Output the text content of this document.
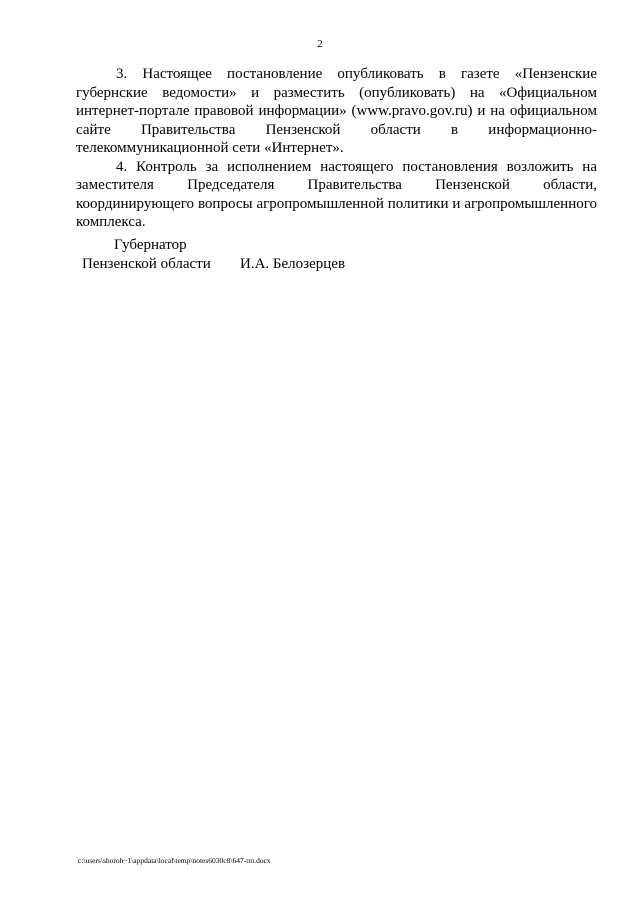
2

3. Настоящее постановление опубликовать в газете «Пензенские губернские ведомости» и разместить (опубликовать) на «Официальном интернет-портале правовой информации» (www.pravo.gov.ru) и на официальном сайте Правительства Пензенской области в информационно-телекоммуникационной сети «Интернет».

4. Контроль за исполнением настоящего постановления возложить на заместителя Председателя Правительства Пензенской области, координирующего вопросы агропромышленной политики и агропромышленного комплекса.

Губернатор
Пензенской области И.А. Белозерцев
c:\users\shoroh~1\appdata\local\temp\notes6030c8\647-пп.docx
